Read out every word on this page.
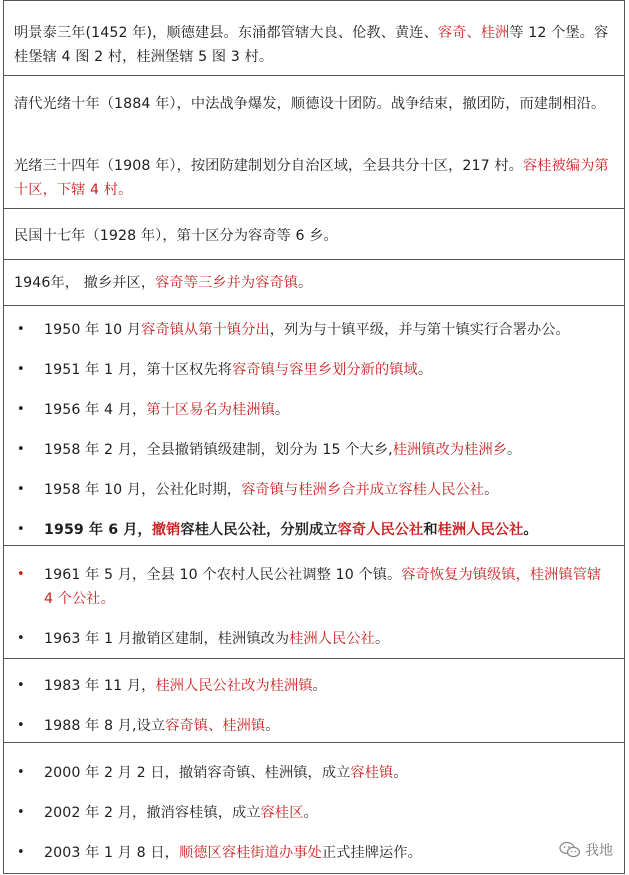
明景泰三年(1452 年)，顺德建县。东涌都管辖大良、伦教、黄连、容奇、桂洲等 12 个堡。容桂堡辖 4 图 2 村，桂洲堡辖 5 图 3 村。
清代光绪十年（1884 年），中法战争爆发，顺德设十团防。战争结束，撤团防，而建制相沿。
光绪三十四年（1908 年），按团防建制划分自治区域，全县共分十区，217 村。容桂被编为第十区，下辖 4 村。
民国十七年（1928 年），第十区分为容奇等 6 乡。
1946年， 撤乡并区，容奇等三乡并为容奇镇。
• 1950 年 10 月容奇镇从第十镇分出，列为与十镇平级，并与第十镇实行合署办公。
• 1951 年 1 月，第十区权先将容奇镇与容里乡划分新的镇域。
• 1956 年 4 月，第十区易名为桂洲镇。
• 1958 年 2 月，全县撤销镇级建制，划分为 15 个大乡,桂洲镇改为桂洲乡。
• 1958 年 10 月，公社化时期，容奇镇与桂洲乡合并成立容桂人民公社。
• 1959 年 6 月，撤销容桂人民公社，分别成立容奇人民公社和桂洲人民公社。
• 1961 年 5 月，全县 10 个农村人民公社调整 10 个镇。容奇恢复为镇级镇，桂洲镇管辖 4 个公社。
• 1963 年 1 月撤销区建制，桂洲镇改为桂洲人民公社。
• 1983 年 11 月，桂洲人民公社改为桂洲镇。
• 1988 年 8 月,设立容奇镇、桂洲镇。
• 2000 年 2 月 2 日，撤销容奇镇、桂洲镇，成立容桂镇。
• 2002 年 2 月，撤消容桂镇，成立容桂区。
• 2003 年 1 月 8 日，顺德区容桂街道办事处正式挂牌运作。	我地
